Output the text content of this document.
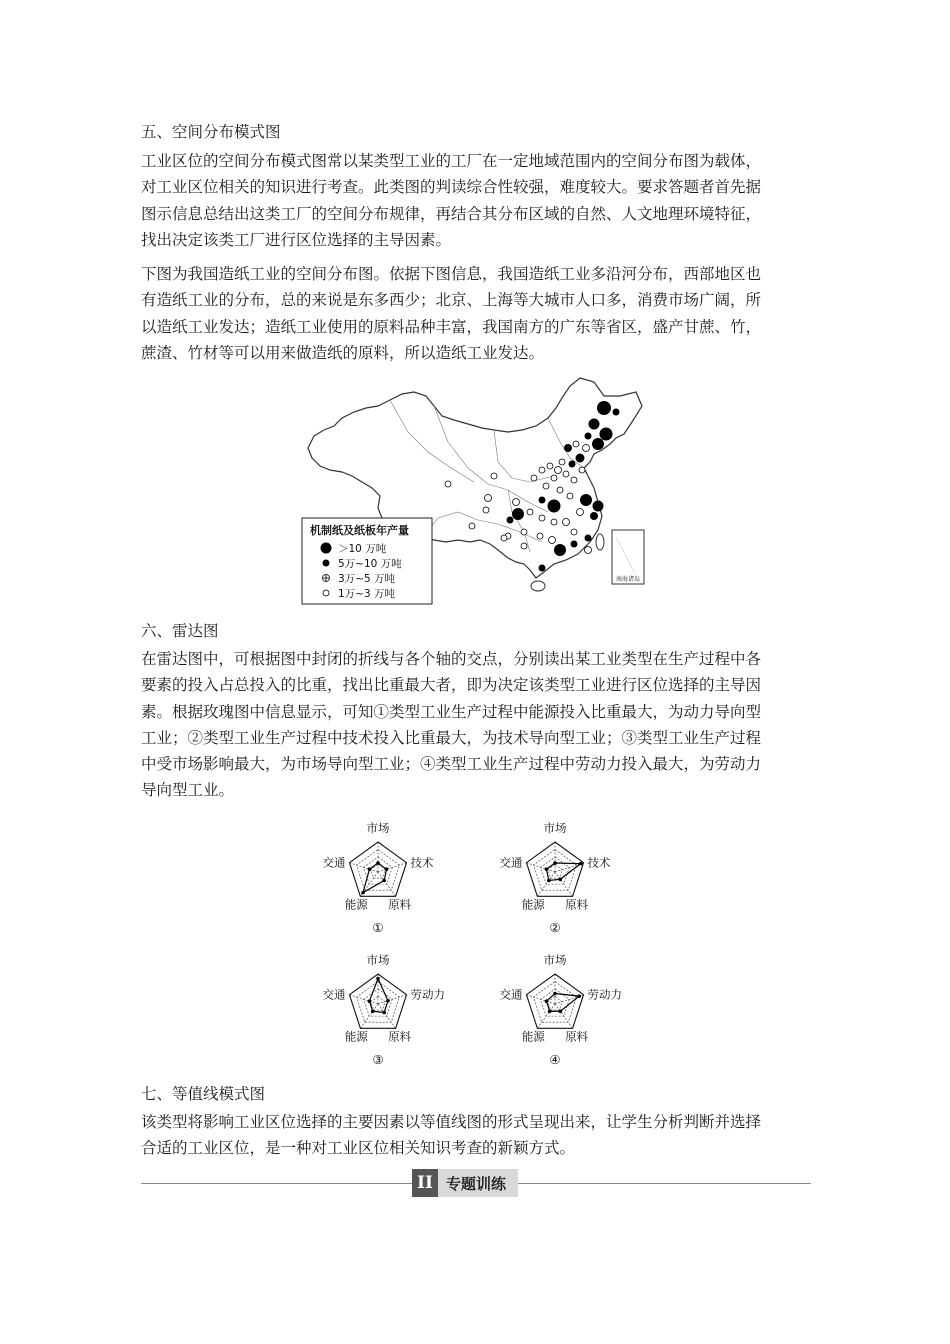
五、空间分布模式图
工业区位的空间分布模式图常以某类型工业的工厂在一定地域范围内的空间分布图为载体，
对工业区位相关的知识进行考查。此类图的判读综合性较强，难度较大。要求答题者首先据
图示信息总结出这类工厂的空间分布规律，再结合其分布区域的自然、人文地理环境特征，
找出决定该类工厂进行区位选择的主导因素。
下图为我国造纸工业的空间分布图。依据下图信息，我国造纸工业多沿河分布，西部地区也
有造纸工业的分布，总的来说是东多西少；北京、上海等大城市人口多，消费市场广阔，所
以造纸工业发达；造纸工业使用的原料品种丰富，我国南方的广东等省区，盛产甘蔗、竹，
蔗渣、竹材等可以用来做造纸的原料，所以造纸工业发达。
南海诸岛
机制纸及纸板年产量
＞10 万吨
5万~10 万吨
3万~5 万吨
1万~3 万吨
六、雷达图
在雷达图中，可根据图中封闭的折线与各个轴的交点，分别读出某工业类型在生产过程中各
要素的投入占总投入的比重，找出比重最大者，即为决定该类型工业进行区位选择的主导因
素。根据玫瑰图中信息显示，可知①类型工业生产过程中能源投入比重最大，为动力导向型
工业；②类型工业生产过程中技术投入比重最大，为技术导向型工业；③类型工业生产过程
中受市场影响最大，为市场导向型工业；④类型工业生产过程中劳动力投入最大，为劳动力
导向型工业。
市场
技术
原料
能源
交通
①
市场
技术
原料
能源
交通
②
市场
劳动力
原料
能源
交通
③
市场
劳动力
原料
能源
交通
④
七、等值线模式图
该类型将影响工业区位选择的主要因素以等值线图的形式呈现出来，让学生分析判断并选择
合适的工业区位，是一种对工业区位相关知识考查的新颖方式。
II 专题训练
